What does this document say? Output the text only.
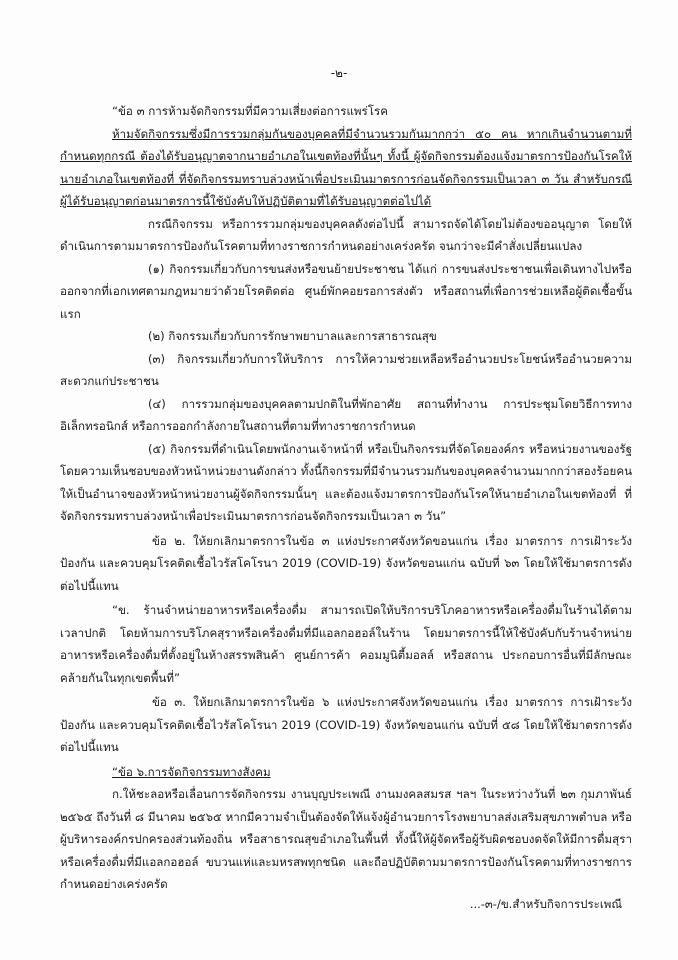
-๒-

“ข้อ ๓ การห้ามจัดกิจกรรมที่มีความเสี่ยงต่อการแพร่โรค

ห้ามจัดกิจกรรมซึ่งมีการรวมกลุ่มกันของบุคคลที่มีจำนวนรวมกันมากกว่า ๕๐ คน หากเกินจำนวนตามที่กำหนดทุกกรณี ต้องได้รับอนุญาตจากนายอำเภอในเขตท้องที่นั้นๆ ทั้งนี้ ผู้จัดกิจกรรมต้องแจ้งมาตรการป้องกันโรคให้นายอำเภอในเขตท้องที่ ที่จัดกิจกรรมทราบล่วงหน้าเพื่อประเมินมาตรการก่อนจัดกิจกรรมเป็นเวลา ๓ วัน สำหรับกรณีผู้ได้รับอนุญาตก่อนมาตรการนี้ใช้บังคับให้ปฏิบัติตามที่ได้รับอนุญาตต่อไปได้

กรณีกิจกรรม หรือการรวมกลุ่มของบุคคลดังต่อไปนี้ สามารถจัดได้โดยไม่ต้องขออนุญาต โดยให้ดำเนินการตามมาตรการป้องกันโรคตามที่ทางราชการกำหนดอย่างเคร่งครัด จนกว่าจะมีคำสั่งเปลี่ยนแปลง

(๑) กิจกรรมเกี่ยวกับการขนส่งหรือขนย้ายประชาชน ได้แก่ การขนส่งประชาชนเพื่อเดินทางไปหรือออกจากที่เอกเทศตามกฎหมายว่าด้วยโรคติดต่อ ศูนย์พักคอยรอการส่งตัว หรือสถานที่เพื่อการช่วยเหลือผู้ติดเชื้อขั้นแรก

(๒) กิจกรรมเกี่ยวกับการรักษาพยาบาลและการสาธารณสุข

(๓) กิจกรรมเกี่ยวกับการให้บริการ การให้ความช่วยเหลือหรืออำนวยประโยชน์หรืออำนวยความสะดวกแก่ประชาชน

(๔) การรวมกลุ่มของบุคคลตามปกติในที่พักอาศัย สถานที่ทำงาน การประชุมโดยวิธีการทางอิเล็กทรอนิกส์ หรือการออกกำลังกายในสถานที่ตามที่ทางราชการกำหนด

(๕) กิจกรรมที่ดำเนินโดยพนักงานเจ้าหน้าที่ หรือเป็นกิจกรรมที่จัดโดยองค์กร หรือหน่วยงานของรัฐโดยความเห็นชอบของหัวหน้าหน่วยงานดังกล่าว ทั้งนี้กิจกรรมที่มีจำนวนรวมกันของบุคคลจำนวนมากกว่าสองร้อยคนให้เป็นอำนาจของหัวหน้าหน่วยงานผู้จัดกิจกรรมนั้นๆ และต้องแจ้งมาตรการป้องกันโรคให้นายอำเภอในเขตท้องที่ ที่จัดกิจกรรมทราบล่วงหน้าเพื่อประเมินมาตรการก่อนจัดกิจกรรมเป็นเวลา ๓ วัน”

ข้อ ๒. ให้ยกเลิกมาตรการในข้อ ๓ แห่งประกาศจังหวัดขอนแก่น เรื่อง มาตรการ การเฝ้าระวัง ป้องกัน และควบคุมโรคติดเชื้อไวรัสโคโรนา 2019 (COVID-19) จังหวัดขอนแก่น ฉบับที่ ๖๓ โดยให้ใช้มาตรการดังต่อไปนี้แทน

“ข. ร้านจำหน่ายอาหารหรือเครื่องดื่ม สามารถเปิดให้บริการบริโภคอาหารหรือเครื่องดื่มในร้านได้ตามเวลาปกติ โดยห้ามการบริโภคสุราหรือเครื่องดื่มที่มีแอลกอฮอล์ในร้าน โดยมาตรการนี้ให้ใช้บังคับกับร้านจำหน่ายอาหารหรือเครื่องดื่มที่ตั้งอยู่ในห้างสรรพสินค้า ศูนย์การค้า คอมมูนิตี้มอลล์ หรือสถาน ประกอบการอื่นที่มีลักษณะคล้ายกันในทุกเขตพื้นที่”

ข้อ ๓. ให้ยกเลิกมาตรการในข้อ ๖ แห่งประกาศจังหวัดขอนแก่น เรื่อง มาตรการ การเฝ้าระวัง ป้องกัน และควบคุมโรคติดเชื้อไวรัสโคโรนา 2019 (COVID-19) จังหวัดขอนแก่น ฉบับที่ ๕๘ โดยให้ใช้มาตรการดังต่อไปนี้แทน

“ข้อ ๖.การจัดกิจกรรมทางสังคม

ก.ให้ชะลอหรือเลื่อนการจัดกิจกรรม งานบุญประเพณี งานมงคลสมรส ฯลฯ ในระหว่างวันที่ ๒๓ กุมภาพันธ์ ๒๕๖๕ ถึงวันที่ ๘ มีนาคม ๒๕๖๕ หากมีความจำเป็นต้องจัดให้แจ้งผู้อำนวยการโรงพยาบาลส่งเสริมสุขภาพตำบล หรือผู้บริหารองค์กรปกครองส่วนท้องถิ่น หรือสาธารณสุขอำเภอในพื้นที่ ทั้งนี้ให้ผู้จัดหรือผู้รับผิดชอบงดจัดให้มีการดื่มสุราหรือเครื่องดื่มที่มีแอลกอฮอล์ ขบวนแห่และมหรสพทุกชนิด และถือปฏิบัติตามมาตรการป้องกันโรคตามที่ทางราชการกำหนดอย่างเคร่งครัด

...-๓-/ข.สำหรับกิจการประเพณี
